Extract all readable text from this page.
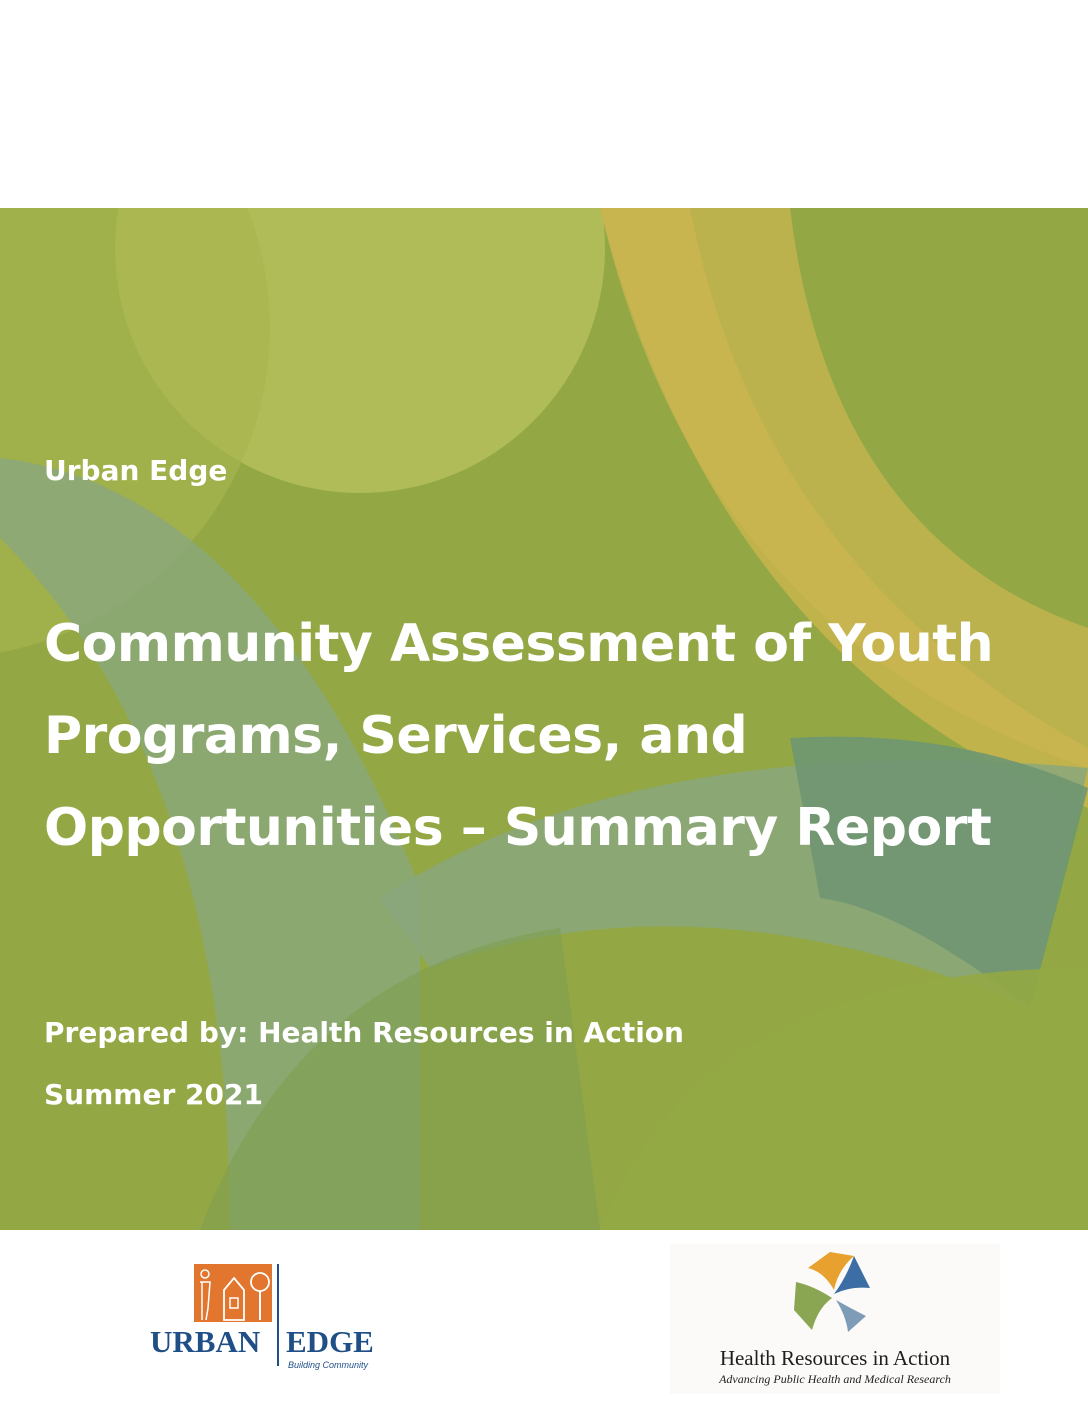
Urban Edge

Community Assessment of Youth
Programs, Services, and
Opportunities – Summary Report

Prepared by: Health Resources in Action

Summer 2021

URBAN EDGE
Building Community	Health Resources in Action
Advancing Public Health and Medical Research
